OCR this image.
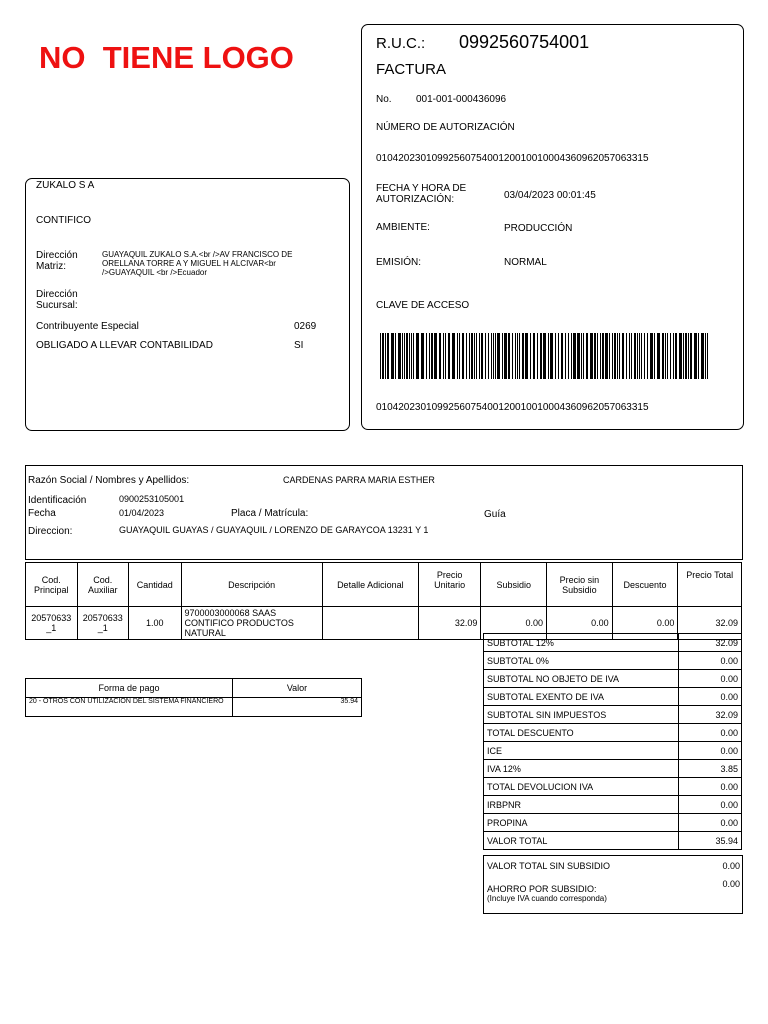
NO  TIENE LOGO	R.U.C.: 0992560754001
FACTURA
No. 001-001-000436096
NÚMERO DE AUTORIZACIÓN
0104202301099256075400120010010004360962057063315
FECHA Y HORA DE AUTORIZACIÓN:	03/04/2023 00:01:45
AMBIENTE:	PRODUCCIÓN
EMISIÓN:	NORMAL
CLAVE DE ACCESO
0104202301099256075400120010010004360962057063315
ZUKALO S A
CONTIFICO
Dirección Matriz:
GUAYAQUIL ZUKALO S.A.<br />AV FRANCISCO DE ORELLANA TORRE A Y MIGUEL H ALCIVAR<br />GUAYAQUIL <br />Ecuador
Dirección Sucursal:
Contribuyente Especial	0269
OBLIGADO A LLEVAR CONTABILIDAD	SI
Razón Social / Nombres y Apellidos:	CARDENAS PARRA MARIA ESTHER
Identificación	0900253105001
Fecha	01/04/2023	Placa / Matrícula:	Guía
Direccion:	GUAYAQUIL GUAYAS / GUAYAQUIL / LORENZO DE GARAYCOA 13231 Y 1
Cod. Principal	Cod. Auxiliar	Cantidad	Descripción	Detalle Adicional	Precio Unitario	Subsidio	Precio sin Subsidio	Descuento	Precio Total
20570633_1	20570633_1	1.00	9700003000068 SAAS CONTIFICO PRODUCTOS NATURAL		32.09	0.00	0.00	0.00	32.09
Forma de pago	Valor
20 - OTROS CON UTILIZACION DEL SISTEMA FINANCIERO	35.94
SUBTOTAL 12%	32.09
SUBTOTAL 0%	0.00
SUBTOTAL NO OBJETO DE IVA	0.00
SUBTOTAL EXENTO DE IVA	0.00
SUBTOTAL SIN IMPUESTOS	32.09
TOTAL DESCUENTO	0.00
ICE	0.00
IVA 12%	3.85
TOTAL DEVOLUCION IVA	0.00
IRBPNR	0.00
PROPINA	0.00
VALOR TOTAL	35.94
VALOR TOTAL SIN SUBSIDIO	0.00
AHORRO POR SUBSIDIO:
(Incluye IVA cuando corresponda)
0.00
